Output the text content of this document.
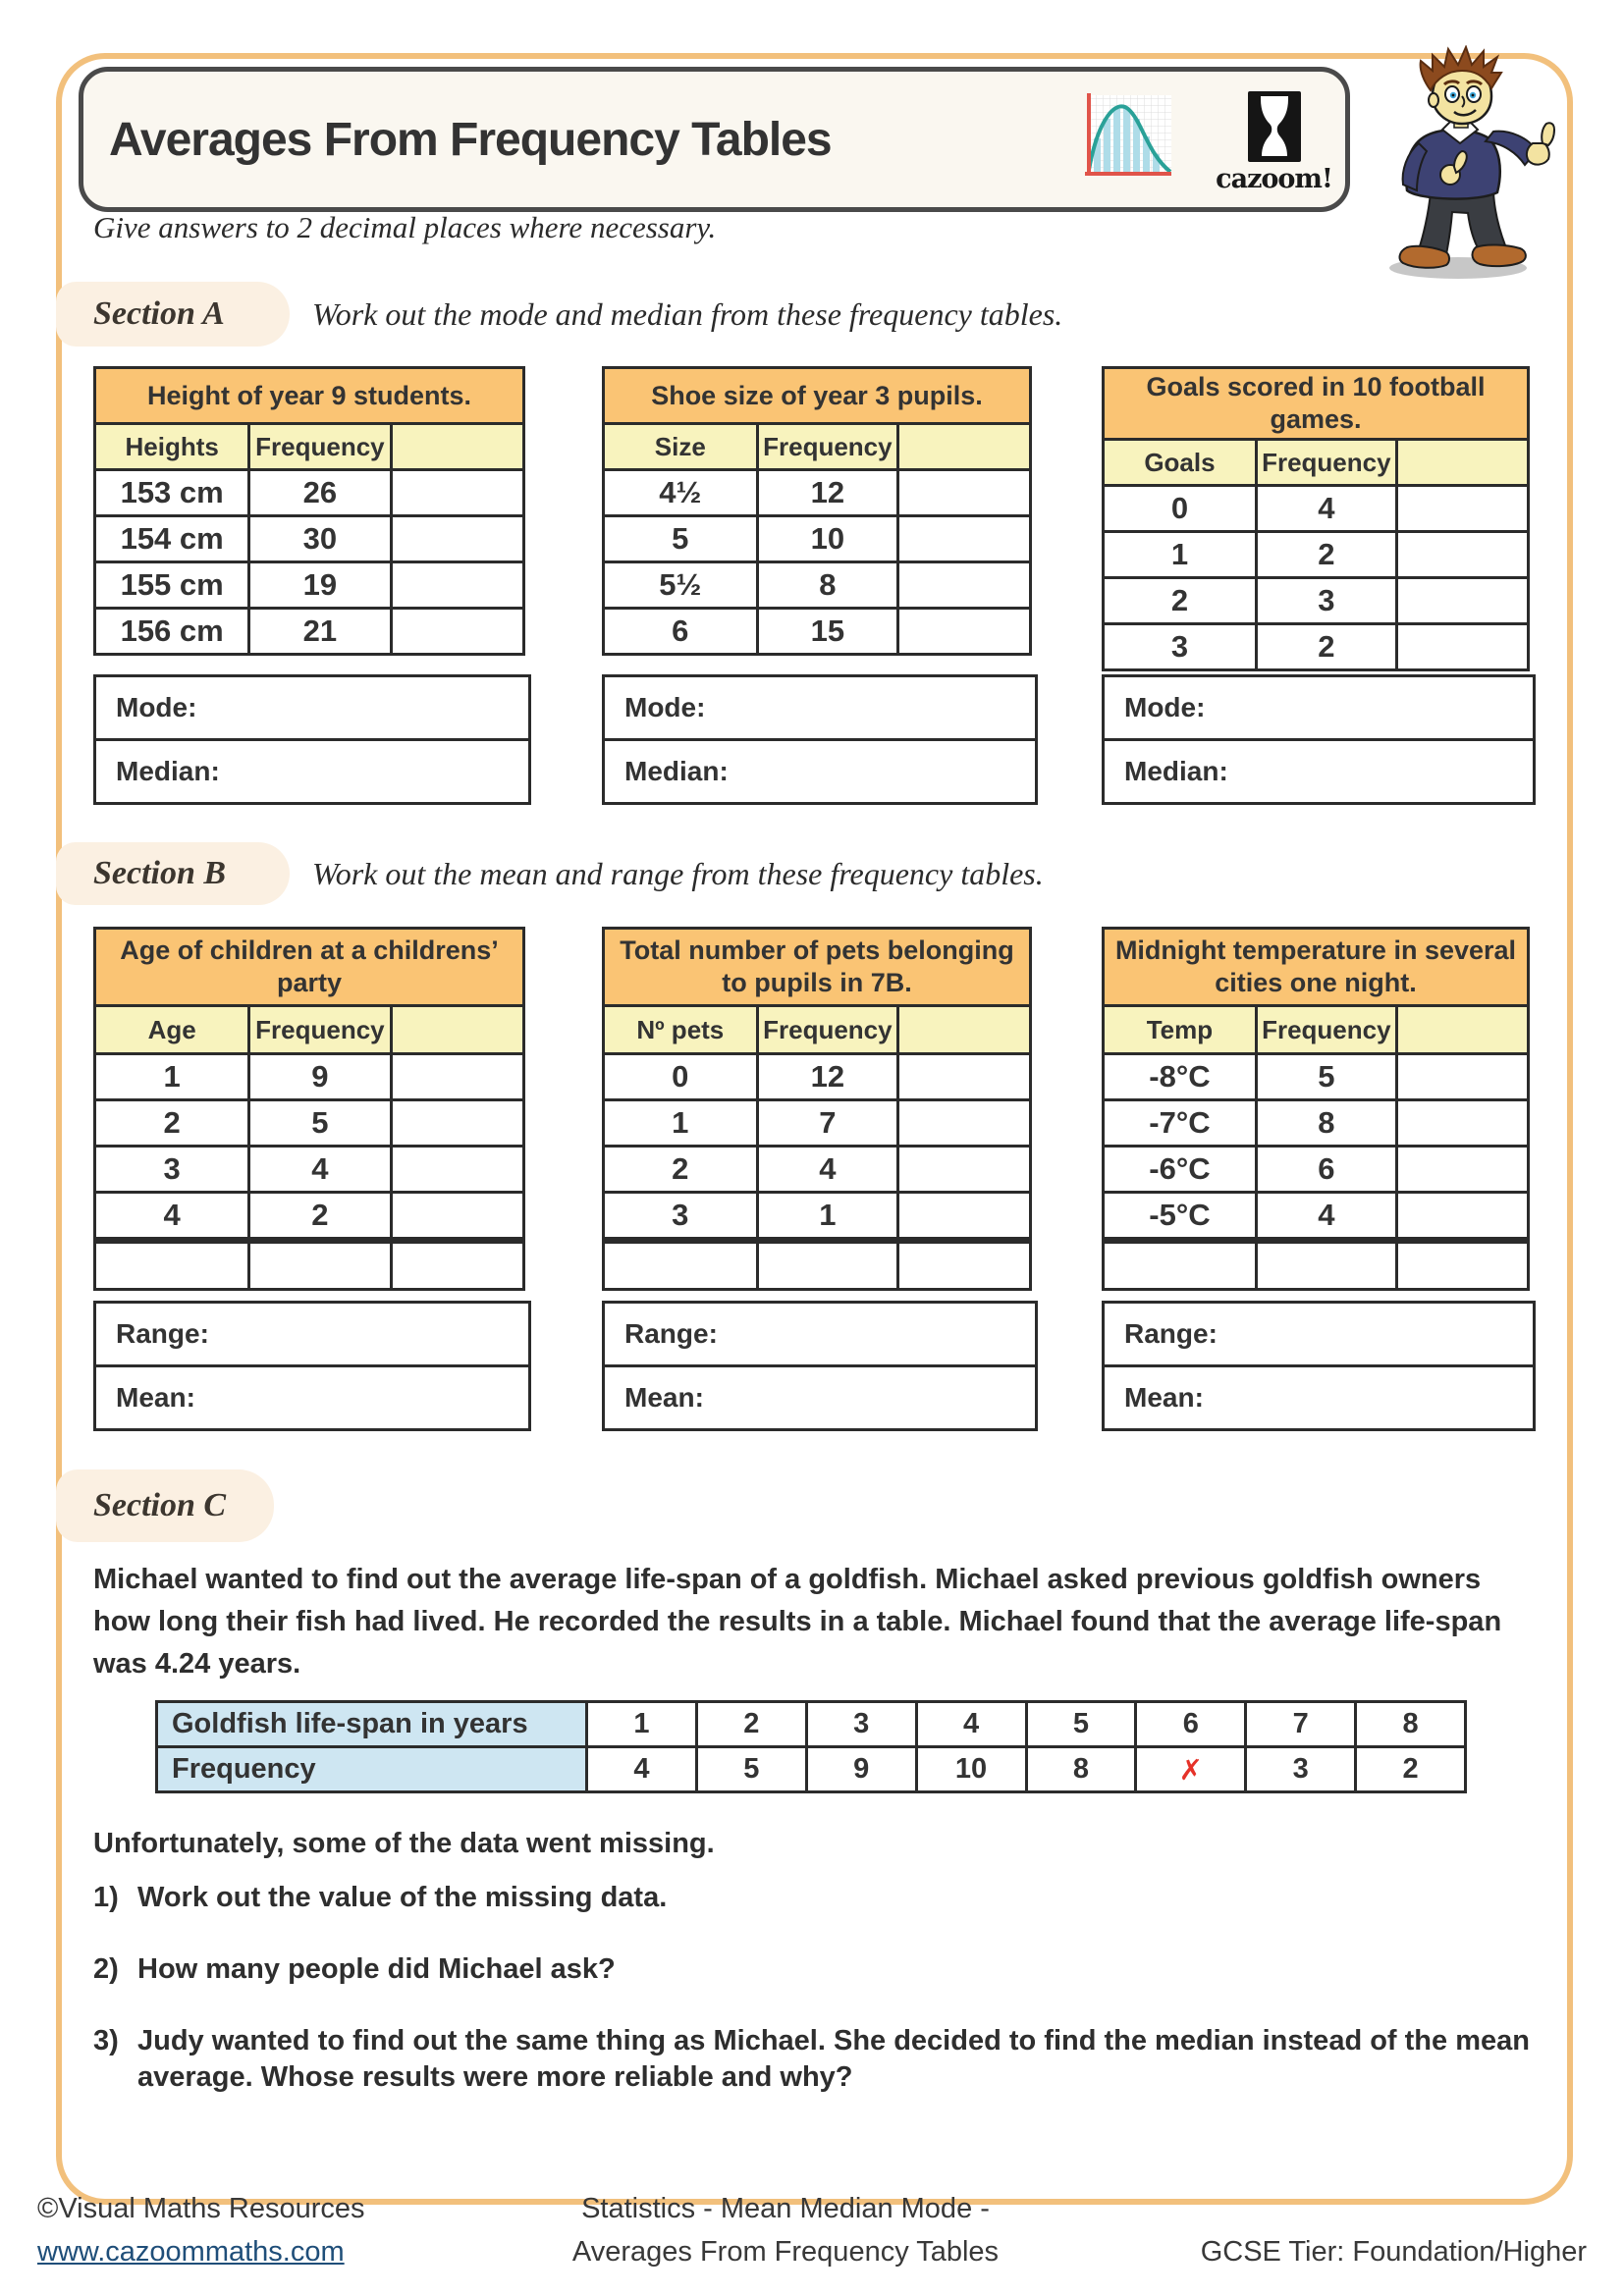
Averages From Frequency Tables
cazoom!
Give answers to 2 decimal places where necessary.
Section A	Work out the mode and median from these frequency tables.
Height of year 9 students.		
Heights	Frequency	
153 cm	26	
154 cm	30	
155 cm	19	
156 cm	21	
Shoe size of year 3 pupils.		
Size	Frequency	
4½	12	
5	10	
5½	8	
6	15	
Goals scored in 10 football games.		
Goals	Frequency	
0	4	
1	2	
2	3	
3	2	
Mode:
Median:
Mode:
Median:
Mode:
Median:
Section B	Work out the mean and range from these frequency tables.
Age of children at a childrens’ party		
Age	Frequency	
1	9	
2	5	
3	4	
4	2	

Total number of pets belonging to pupils in 7B.		
Nº pets	Frequency	
0	12	
1	7	
2	4	
3	1	

Midnight temperature in several cities one night.		
Temp	Frequency	
-8°C	5	
-7°C	8	
-6°C	6	
-5°C	4	

Range:
Mean:
Range:
Mean:
Range:
Mean:
Section C
Michael wanted to find out the average life-span of a goldfish. Michael asked previous goldfish owners how long their fish had lived. He recorded the results in a table. Michael found that the average life-span was 4.24 years.
Goldfish life-span in years	1	2	3	4	5	6	7	8
Frequency	4	5	9	10	8	✗	3	2
Unfortunately, some of the data went missing.
1) Work out the value of the missing data.
2) How many people did Michael ask?
3) Judy wanted to find out the same thing as Michael. She decided to find the median instead of the mean average. Whose results were more reliable and why?
©Visual Maths Resources
www.cazoommaths.com
Statistics - Mean Median Mode -
Averages From Frequency Tables	GCSE Tier: Foundation/Higher
